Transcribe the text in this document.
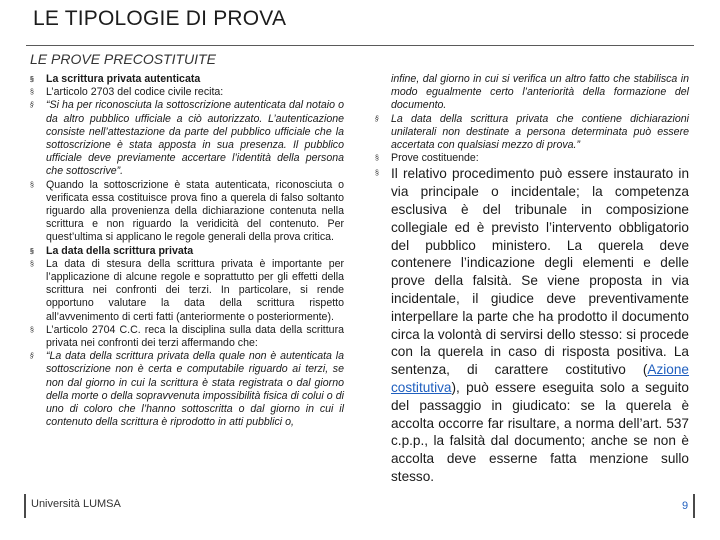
LE TIPOLOGIE DI PROVA
LE PROVE PRECOSTITUITE
§ La scrittura privata autenticata
§ L’articolo 2703 del codice civile recita:
§ “Si ha per riconosciuta la sottoscrizione autenticata dal notaio o da altro pubblico ufficiale a ciò autorizzato. L’autenticazione consiste nell’attestazione da parte del pubblico ufficiale che la sottoscrizione è stata apposta in sua presenza. Il pubblico ufficiale deve previamente accertare l’identità della persona che sottoscrive”.
§ Quando la sottoscrizione è stata autenticata, riconosciuta o verificata essa costituisce prova fino a querela di falso soltanto riguardo alla provenienza della dichiarazione contenuta nella scrittura e non riguardo la veridicità del contenuto. Per quest’ultima si applicano le regole generali della prova critica.
§ La data della scrittura privata
§ La data di stesura della scrittura privata è importante per l’applicazione di alcune regole e soprattutto per gli effetti della scrittura nei confronti dei terzi. In particolare, si rende opportuno valutare la data della scrittura rispetto all’avvenimento di certi fatti (anteriormente o posteriormente).
§ L’articolo 2704 C.C. reca la disciplina sulla data della scrittura privata nei confronti dei terzi affermando che:
§ “La data della scrittura privata della quale non è autenticata la sottoscrizione non è certa e computabile riguardo ai terzi, se non dal giorno in cui la scrittura è stata registrata o dal giorno della morte o della sopravvenuta impossibilità fisica di colui o di uno di coloro che l’hanno sottoscritta o dal giorno in cui il contenuto della scrittura è riprodotto in atti pubblici o,
infine, dal giorno in cui si verifica un altro fatto che stabilisca in modo egualmente certo l’anteriorità della formazione del documento.
§ La data della scrittura privata che contiene dichiarazioni unilaterali non destinate a persona determinata può essere accertata con qualsiasi mezzo di prova.”
§ Prove costituende:
§ Il relativo procedimento può essere instaurato in via principale o incidentale; la competenza esclusiva è del tribunale in composizione collegiale ed è previsto l’intervento obbligatorio del pubblico ministero. La querela deve contenere l’indicazione degli elementi e delle prove della falsità. Se viene proposta in via incidentale, il giudice deve preventivamente interpellare la parte che ha prodotto il documento circa la volontà di servirsi dello stesso: si procede con la querela in caso di risposta positiva. La sentenza, di carattere costitutivo (Azione costitutiva), può essere eseguita solo a seguito del passaggio in giudicato: se la querela è accolta occorre far risultare, a norma dell’art. 537 c.p.p., la falsità dal documento; anche se non è accolta deve esserne fatta menzione sullo stesso.
Università LUMSA	9
